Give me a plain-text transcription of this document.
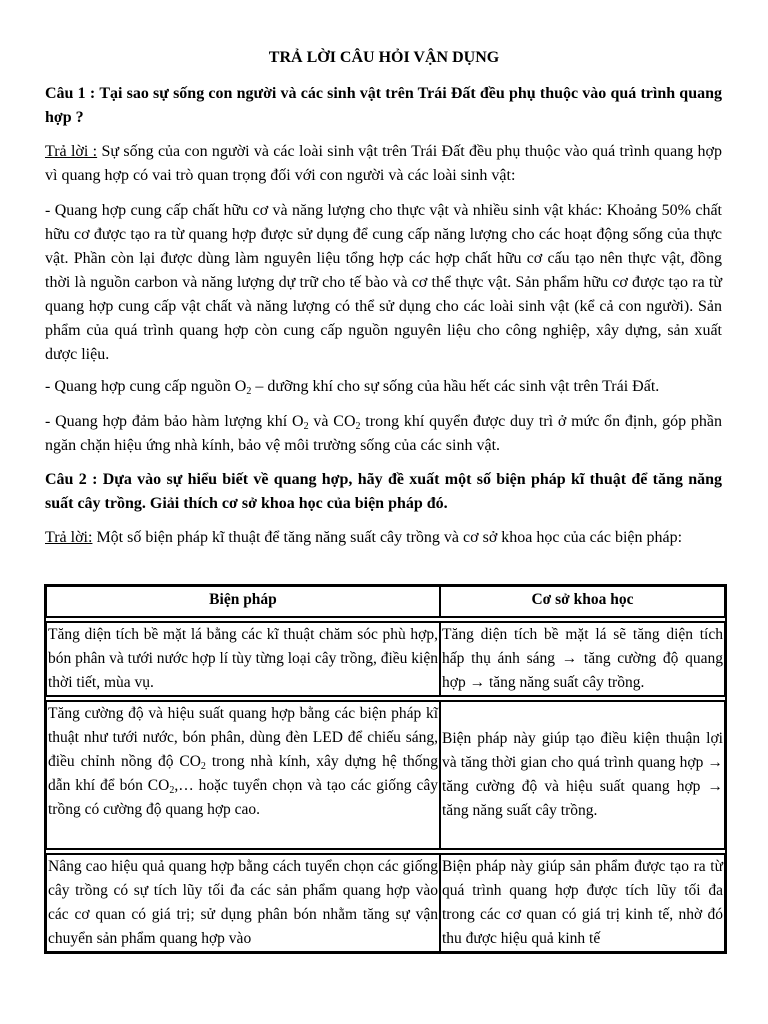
TRẢ LỜI CÂU HỎI VẬN DỤNG
Câu 1 : Tại sao sự sống con người và các sinh vật trên Trái Đất đều phụ thuộc vào quá trình quang hợp ?
Trả lời : Sự sống của con người và các loài sinh vật trên Trái Đất đều phụ thuộc vào quá trình quang hợp vì quang hợp có vai trò quan trọng đối với con người và các loài sinh vật:
- Quang hợp cung cấp chất hữu cơ và năng lượng cho thực vật và nhiều sinh vật khác: Khoảng 50% chất hữu cơ được tạo ra từ quang hợp được sử dụng để cung cấp năng lượng cho các hoạt động sống của thực vật. Phần còn lại được dùng làm nguyên liệu tổng hợp các hợp chất hữu cơ cấu tạo nên thực vật, đồng thời là nguồn carbon và năng lượng dự trữ cho tế bào và cơ thể thực vật. Sản phẩm hữu cơ được tạo ra từ quang hợp cung cấp vật chất và năng lượng có thể sử dụng cho các loài sinh vật (kể cả con người). Sản phẩm của quá trình quang hợp còn cung cấp nguồn nguyên liệu cho công nghiệp, xây dựng, sản xuất dược liệu.
- Quang hợp cung cấp nguồn $O_2$ – dưỡng khí cho sự sống của hầu hết các sinh vật trên Trái Đất.
- Quang hợp đảm bảo hàm lượng khí $O_2$ và $CO_2$ trong khí quyển được duy trì ở mức ổn định, góp phần ngăn chặn hiệu ứng nhà kính, bảo vệ môi trường sống của các sinh vật.
Câu 2 : Dựa vào sự hiểu biết về quang hợp, hãy đề xuất một số biện pháp kĩ thuật để tăng năng suất cây trồng. Giải thích cơ sở khoa học của biện pháp đó.
Trả lời: Một số biện pháp kĩ thuật để tăng năng suất cây trồng và cơ sở khoa học của các biện pháp:
Biện pháp	Cơ sở khoa học

Tăng diện tích bề mặt lá bằng các kĩ thuật chăm sóc phù hợp, bón phân và tưới nước hợp lí tùy từng loại cây trồng, điều kiện thời tiết, mùa vụ.	Tăng diện tích bề mặt lá sẽ tăng diện tích hấp thụ ánh sáng → tăng cường độ quang hợp → tăng năng suất cây trồng.

Tăng cường độ và hiệu suất quang hợp bằng các biện pháp kĩ thuật như tưới nước, bón phân, dùng đèn LED để chiếu sáng, điều chỉnh nồng độ $CO_2$ trong nhà kính, xây dựng hệ thống dẫn khí để bón $CO_2,\dots$ hoặc tuyển chọn và tạo các giống cây trồng có cường độ quang hợp cao.	Biện pháp này giúp tạo điều kiện thuận lợi và tăng thời gian cho quá trình quang hợp → tăng cường độ và hiệu suất quang hợp → tăng năng suất cây trồng.

Nâng cao hiệu quả quang hợp bằng cách tuyển chọn các giống cây trồng có sự tích lũy tối đa các sản phẩm quang hợp vào các cơ quan có giá trị; sử dụng phân bón nhằm tăng sự vận chuyển sản phẩm quang hợp vào	Biện pháp này giúp sản phẩm được tạo ra từ quá trình quang hợp được tích lũy tối đa trong các cơ quan có giá trị kinh tế, nhờ đó thu được hiệu quả kinh tế
